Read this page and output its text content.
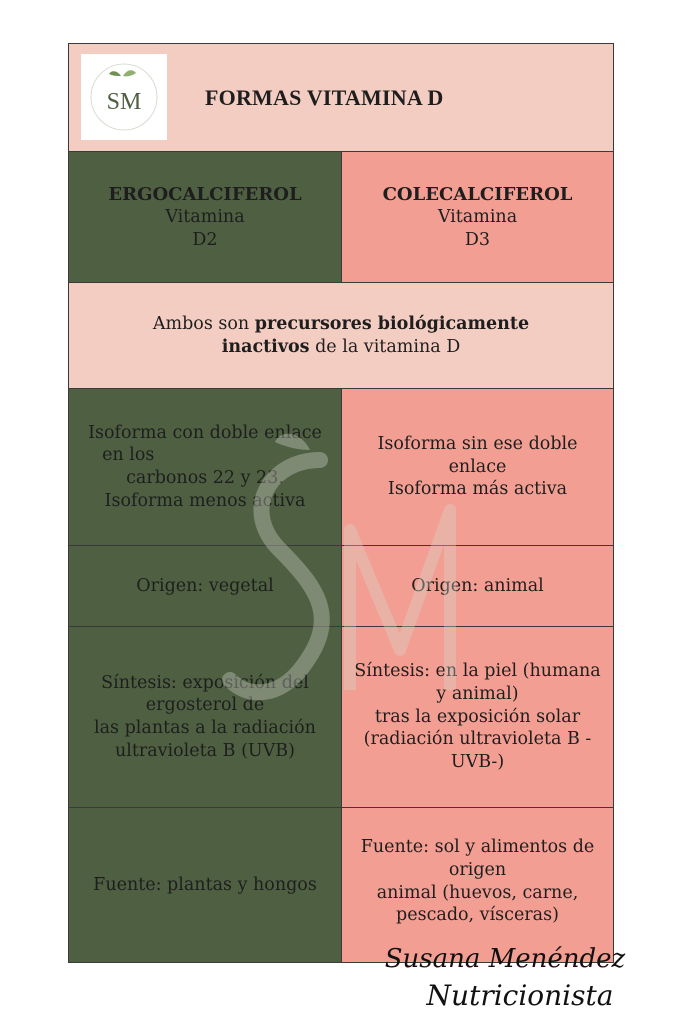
SM	FORMAS VITAMINA D
ERGOCALCIFEROL
Vitamina
D2
COLECALCIFEROL
Vitamina
D3
Ambos son precursores biológicamente
inactivos de la vitamina D
Isoforma con doble enlace
en los
carbonos 22 y 23.
Isoforma menos activa
Isoforma sin ese doble
enlace
Isoforma más activa
Origen: vegetal	Origen: animal
Síntesis: exposición del
ergosterol de
las plantas a la radiación
ultravioleta B (UVB)
Síntesis: en la piel (humana
y animal)
tras la exposición solar
(radiación ultravioleta B -
UVB-)
Fuente: plantas y hongos
Fuente: sol y alimentos de
origen
animal (huevos, carne,
pescado, vísceras)
Susana Menéndez
Nutricionista
